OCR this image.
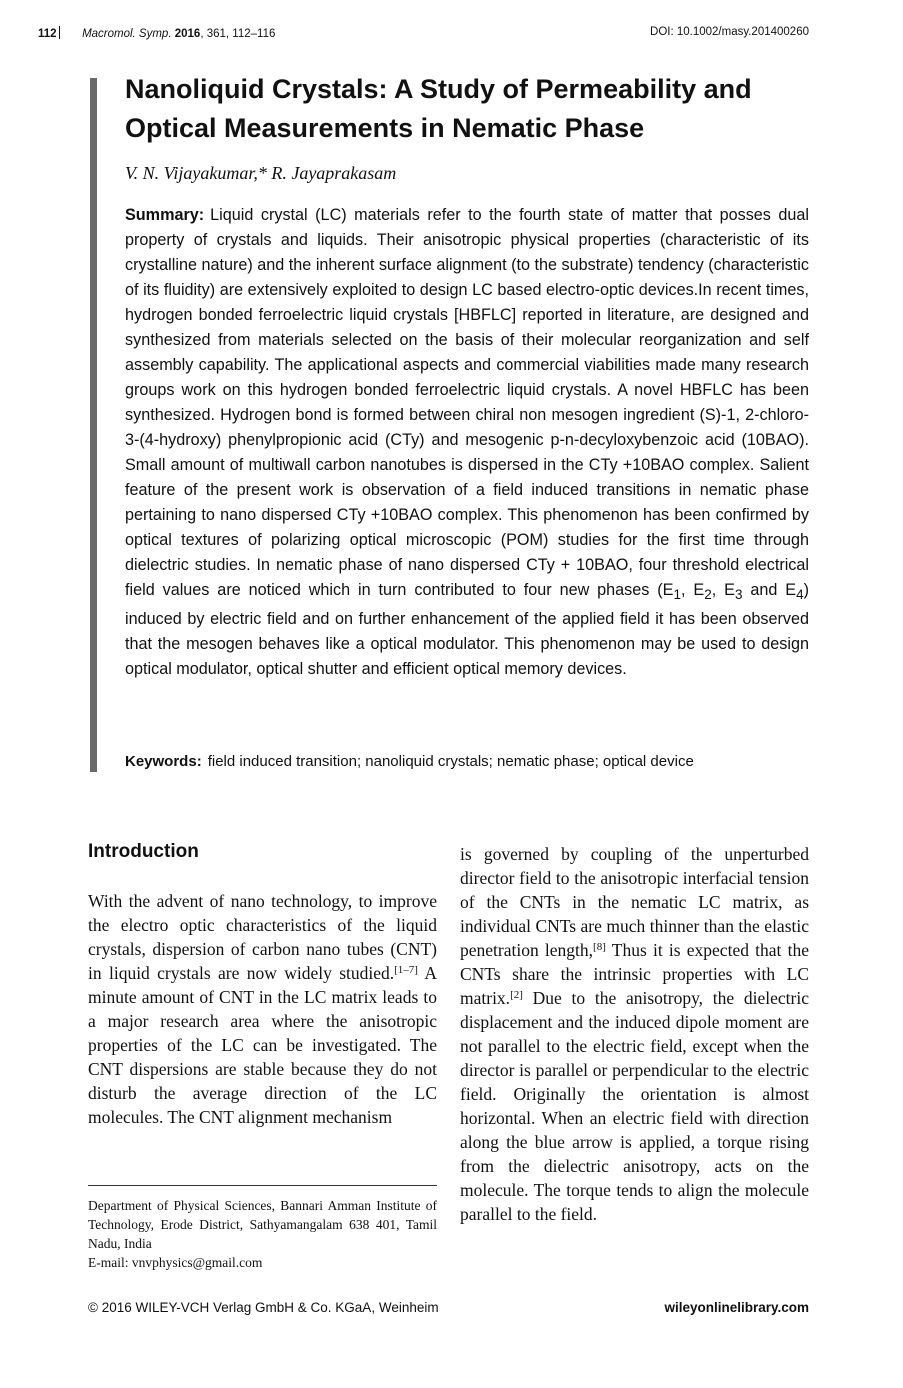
112 Macromol. Symp. 2016, 361, 112–116	DOI: 10.1002/masy.201400260
Nanoliquid Crystals: A Study of Permeability and Optical Measurements in Nematic Phase
V. N. Vijayakumar,* R. Jayaprakasam

Summary: Liquid crystal (LC) materials refer to the fourth state of matter that posses dual property of crystals and liquids. Their anisotropic physical properties (characteristic of its crystalline nature) and the inherent surface alignment (to the substrate) tendency (characteristic of its fluidity) are extensively exploited to design LC based electro-optic devices.In recent times, hydrogen bonded ferroelectric liquid crystals [HBFLC] reported in literature, are designed and synthesized from materials selected on the basis of their molecular reorganization and self assembly capability. The applicational aspects and commercial viabilities made many research groups work on this hydrogen bonded ferroelectric liquid crystals. A novel HBFLC has been synthesized. Hydrogen bond is formed between chiral non mesogen ingredient (S)-1, 2-chloro-3-(4-hydroxy) phenylpropionic acid (CTy) and mesogenic p-n-decyloxybenzoic acid (10BAO). Small amount of multiwall carbon nanotubes is dispersed in the CTy +10BAO complex. Salient feature of the present work is observation of a field induced transitions in nematic phase pertaining to nano dispersed CTy +10BAO complex. This phenomenon has been confirmed by optical textures of polarizing optical microscopic (POM) studies for the first time through dielectric studies. In nematic phase of nano dispersed CTy + 10BAO, four threshold electrical field values are noticed which in turn contributed to four new phases ($E_1$, $E_2$, $E_3$ and $E_4$) induced by electric field and on further enhancement of the applied field it has been observed that the mesogen behaves like a optical modulator. This phenomenon may be used to design optical modulator, optical shutter and efficient optical memory devices.

Keywords: field induced transition; nanoliquid crystals; nematic phase; optical device
Introduction

With the advent of nano technology, to improve the electro optic characteristics of the liquid crystals, dispersion of carbon nano tubes (CNT) in liquid crystals are now widely studied.[1–7] A minute amount of CNT in the LC matrix leads to a major research area where the anisotropic properties of the LC can be investigated. The CNT dispersions are stable because they do not disturb the average direction of the LC molecules. The CNT alignment mechanism

is governed by coupling of the unperturbed director field to the anisotropic interfacial tension of the CNTs in the nematic LC matrix, as individual CNTs are much thinner than the elastic penetration length,[8] Thus it is expected that the CNTs share the intrinsic properties with LC matrix.[2] Due to the anisotropy, the dielectric displacement and the induced dipole moment are not parallel to the electric field, except when the director is parallel or perpendicular to the electric field. Originally the orientation is almost horizontal. When an electric field with direction along the blue arrow is applied, a torque rising from the dielectric anisotropy, acts on the molecule. The torque tends to align the molecule parallel to the field.

Department of Physical Sciences, Bannari Amman Institute of Technology, Erode District, Sathyamangalam 638 401, Tamil Nadu, India
E-mail: vnvphysics@gmail.com

© 2016 WILEY-VCH Verlag GmbH & Co. KGaA, Weinheim	wileyonlinelibrary.com
